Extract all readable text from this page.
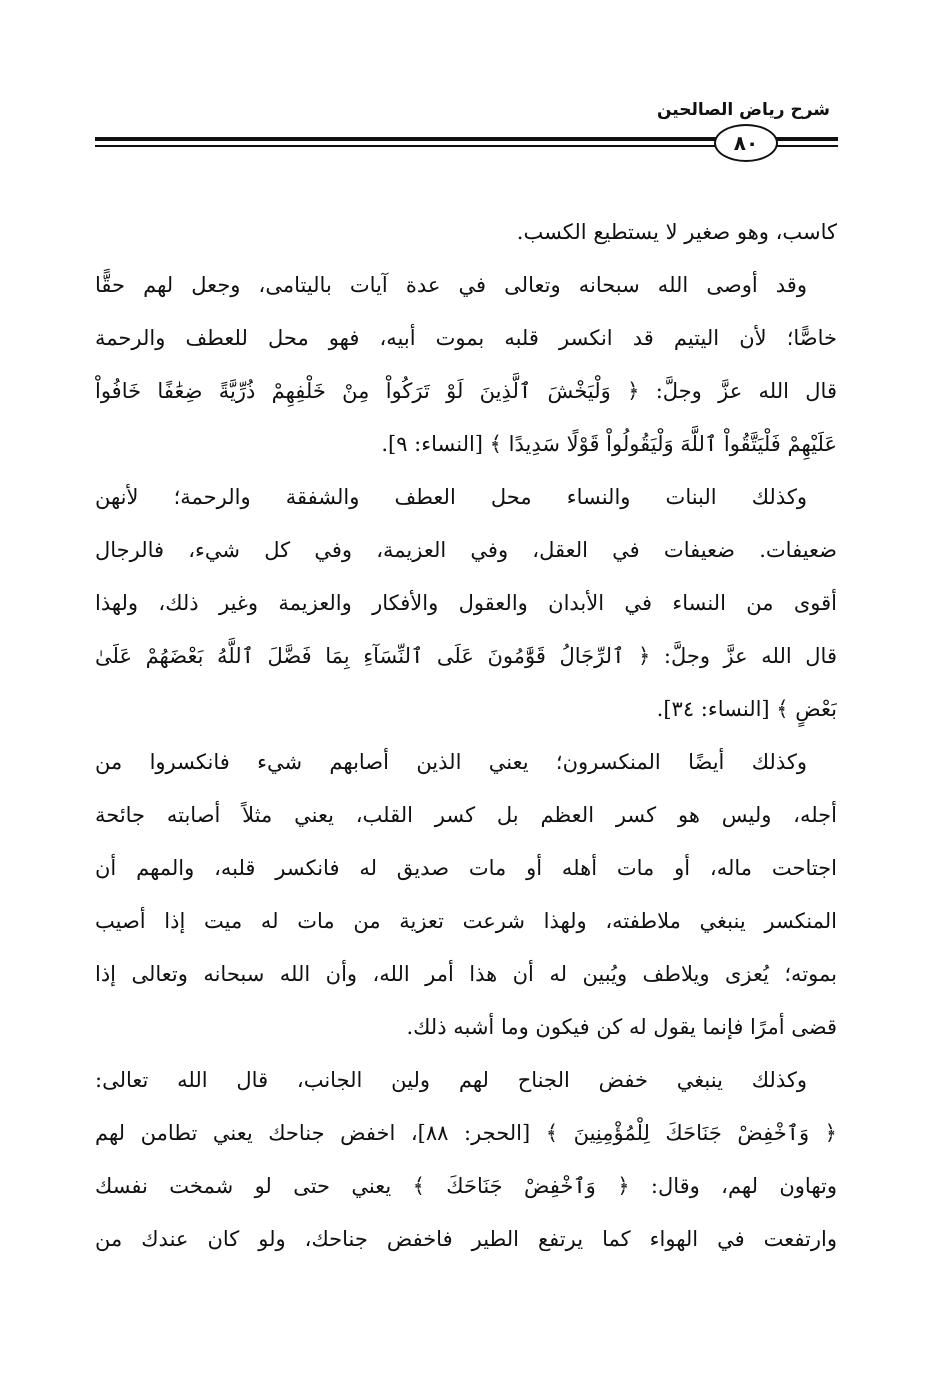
شرح رياض الصالحين
٨٠
كاسب، وهو صغير لا يستطيع الكسب.
وقد أوصى الله سبحانه وتعالى في عدة آيات باليتامى، وجعل لهم حقًّا
خاصًّا؛ لأن اليتيم قد انكسر قلبه بموت أبيه، فهو محل للعطف والرحمة
قال الله عزَّ وجلَّ: ﴿ وَلْيَخْشَ ٱلَّذِينَ لَوْ تَرَكُواْ مِنْ خَلْفِهِمْ ذُرِّيَّةً ضِعَٰفًا خَافُواْ
عَلَيْهِمْ فَلْيَتَّقُواْ ٱللَّهَ وَلْيَقُولُواْ قَوْلًا سَدِيدًا ﴾ [النساء: ٩].
وكذلك البنات والنساء محل العطف والشفقة والرحمة؛ لأنهن
ضعيفات. ضعيفات في العقل، وفي العزيمة، وفي كل شيء، فالرجال
أقوى من النساء في الأبدان والعقول والأفكار والعزيمة وغير ذلك، ولهذا
قال الله عزَّ وجلَّ: ﴿ ٱلرِّجَالُ قَوَّٰمُونَ عَلَى ٱلنِّسَآءِ بِمَا فَضَّلَ ٱللَّهُ بَعْضَهُمْ عَلَىٰ
بَعْضٍ ﴾ [النساء: ٣٤].
وكذلك أيضًا المنكسرون؛ يعني الذين أصابهم شيء فانكسروا من
أجله، وليس هو كسر العظم بل كسر القلب، يعني مثلاً أصابته جائحة
اجتاحت ماله، أو مات أهله أو مات صديق له فانكسر قلبه، والمهم أن
المنكسر ينبغي ملاطفته، ولهذا شرعت تعزية من مات له ميت إذا أصيب
بموته؛ يُعزى ويلاطف ويُبين له أن هذا أمر الله، وأن الله سبحانه وتعالى إذا
قضى أمرًا فإنما يقول له كن فيكون وما أشبه ذلك.
وكذلك ينبغي خفض الجناح لهم ولين الجانب، قال الله تعالى:
﴿ وَٱخْفِضْ جَنَاحَكَ لِلْمُؤْمِنِينَ ﴾ [الحجر: ٨٨]، اخفض جناحك يعني تطامن لهم
وتهاون لهم، وقال: ﴿ وَٱخْفِضْ جَنَاحَكَ ﴾ يعني حتى لو شمخت نفسك
وارتفعت في الهواء كما يرتفع الطير فاخفض جناحك، ولو كان عندك من
